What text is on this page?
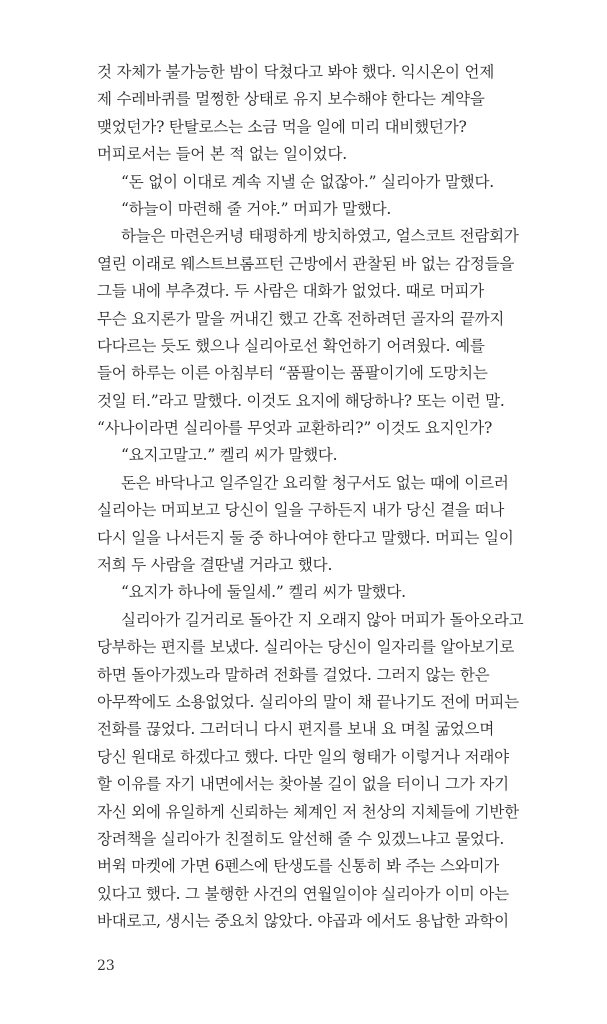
것 자체가 불가능한 밤이 닥쳤다고 봐야 했다. 익시온이 언제
제 수레바퀴를 멀쩡한 상태로 유지 보수해야 한다는 계약을
맺었던가? 탄탈로스는 소금 먹을 일에 미리 대비했던가?
머피로서는 들어 본 적 없는 일이었다.
“돈 없이 이대로 계속 지낼 순 없잖아.” 실리아가 말했다.
“하늘이 마련해 줄 거야.” 머피가 말했다.
하늘은 마련은커녕 태평하게 방치하였고, 얼스코트 전람회가
열린 이래로 웨스트브롬프턴 근방에서 관찰된 바 없는 감정들을
그들 내에 부추겼다. 두 사람은 대화가 없었다. 때로 머피가
무슨 요지론가 말을 꺼내긴 했고 간혹 전하려던 골자의 끝까지
다다르는 듯도 했으나 실리아로선 확언하기 어려웠다. 예를
들어 하루는 이른 아침부터 “품팔이는 품팔이기에 도망치는
것일 터.”라고 말했다. 이것도 요지에 해당하나? 또는 이런 말.
“사나이라면 실리아를 무엇과 교환하리?” 이것도 요지인가?
“요지고말고.” 켈리 씨가 말했다.
돈은 바닥나고 일주일간 요리할 청구서도 없는 때에 이르러
실리아는 머피보고 당신이 일을 구하든지 내가 당신 곁을 떠나
다시 일을 나서든지 둘 중 하나여야 한다고 말했다. 머피는 일이
저희 두 사람을 결딴낼 거라고 했다.
“요지가 하나에 둘일세.” 켈리 씨가 말했다.
실리아가 길거리로 돌아간 지 오래지 않아 머피가 돌아오라고
당부하는 편지를 보냈다. 실리아는 당신이 일자리를 알아보기로
하면 돌아가겠노라 말하려 전화를 걸었다. 그러지 않는 한은
아무짝에도 소용없었다. 실리아의 말이 채 끝나기도 전에 머피는
전화를 끊었다. 그러더니 다시 편지를 보내 요 며칠 굶었으며
당신 원대로 하겠다고 했다. 다만 일의 형태가 이렇거나 저래야
할 이유를 자기 내면에서는 찾아볼 길이 없을 터이니 그가 자기
자신 외에 유일하게 신뢰하는 체계인 저 천상의 지체들에 기반한
장려책을 실리아가 친절히도 알선해 줄 수 있겠느냐고 물었다.
버윅 마켓에 가면 6펜스에 탄생도를 신통히 봐 주는 스와미가
있다고 했다. 그 불행한 사건의 연월일이야 실리아가 이미 아는
바대로고, 생시는 중요치 않았다. 야곱과 에서도 용납한 과학이
23
